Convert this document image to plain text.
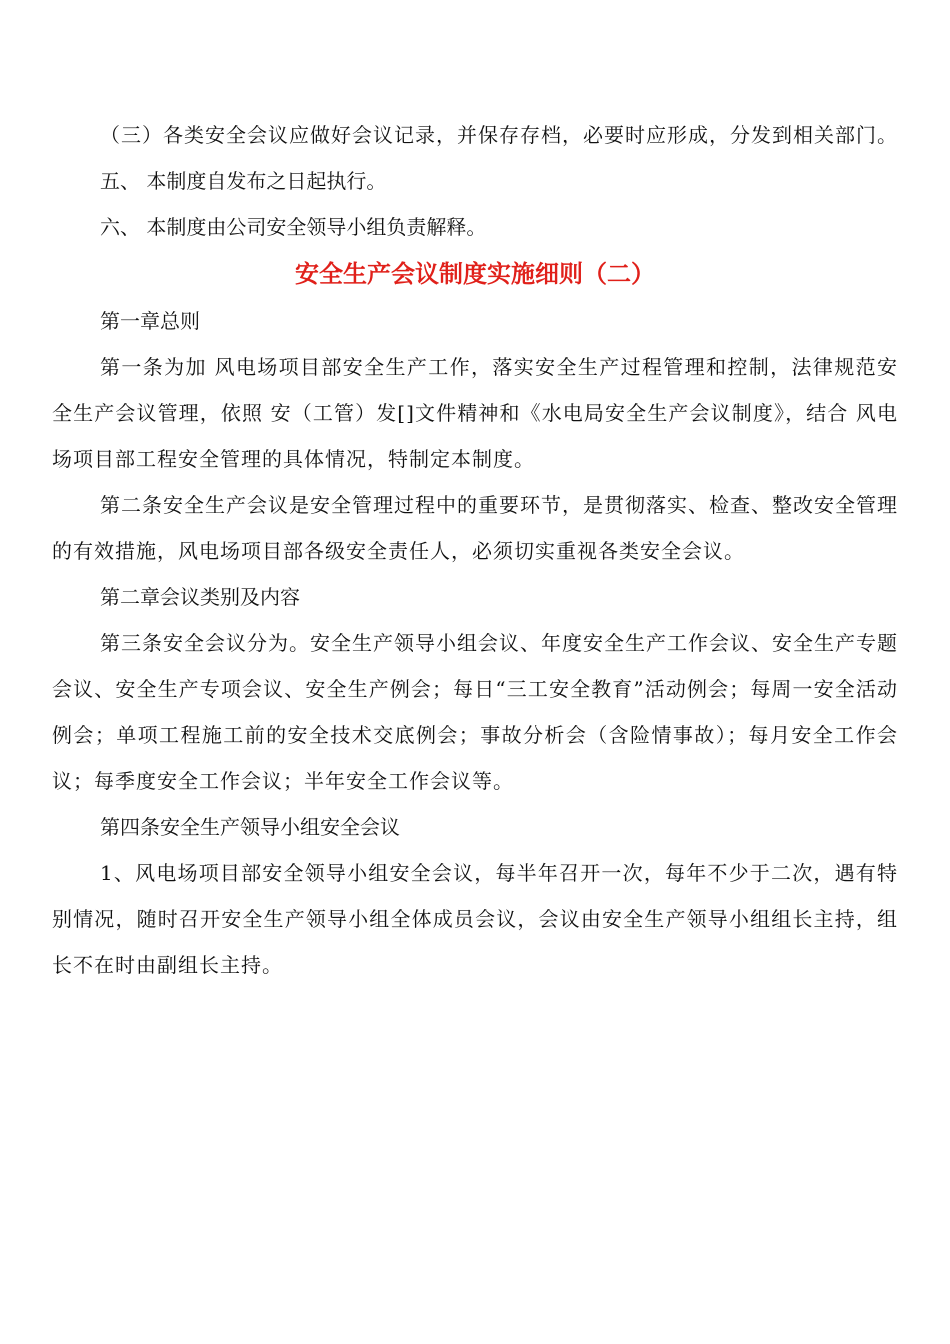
（三）各类安全会议应做好会议记录，并保存存档，必要时应形成，分发到相关部门。

五、 本制度自发布之日起执行。

六、 本制度由公司安全领导小组负责解释。

安全生产会议制度实施细则（二）

第一章总则

第一条为加 风电场项目部安全生产工作，落实安全生产过程管理和控制，法律规范安全生产会议管理，依照 安（工管）发[]文件精神和《水电局安全生产会议制度》，结合 风电场项目部工程安全管理的具体情况，特制定本制度。

第二条安全生产会议是安全管理过程中的重要环节，是贯彻落实、检查、整改安全管理的有效措施，风电场项目部各级安全责任人，必须切实重视各类安全会议。

第二章会议类别及内容

第三条安全会议分为。安全生产领导小组会议、年度安全生产工作会议、安全生产专题会议、安全生产专项会议、安全生产例会；每日“三工安全教育”活动例会；每周一安全活动例会；单项工程施工前的安全技术交底例会；事故分析会（含险情事故）；每月安全工作会议；每季度安全工作会议；半年安全工作会议等。

第四条安全生产领导小组安全会议

1、风电场项目部安全领导小组安全会议，每半年召开一次，每年不少于二次，遇有特别情况，随时召开安全生产领导小组全体成员会议，会议由安全生产领导小组组长主持，组长不在时由副组长主持。
